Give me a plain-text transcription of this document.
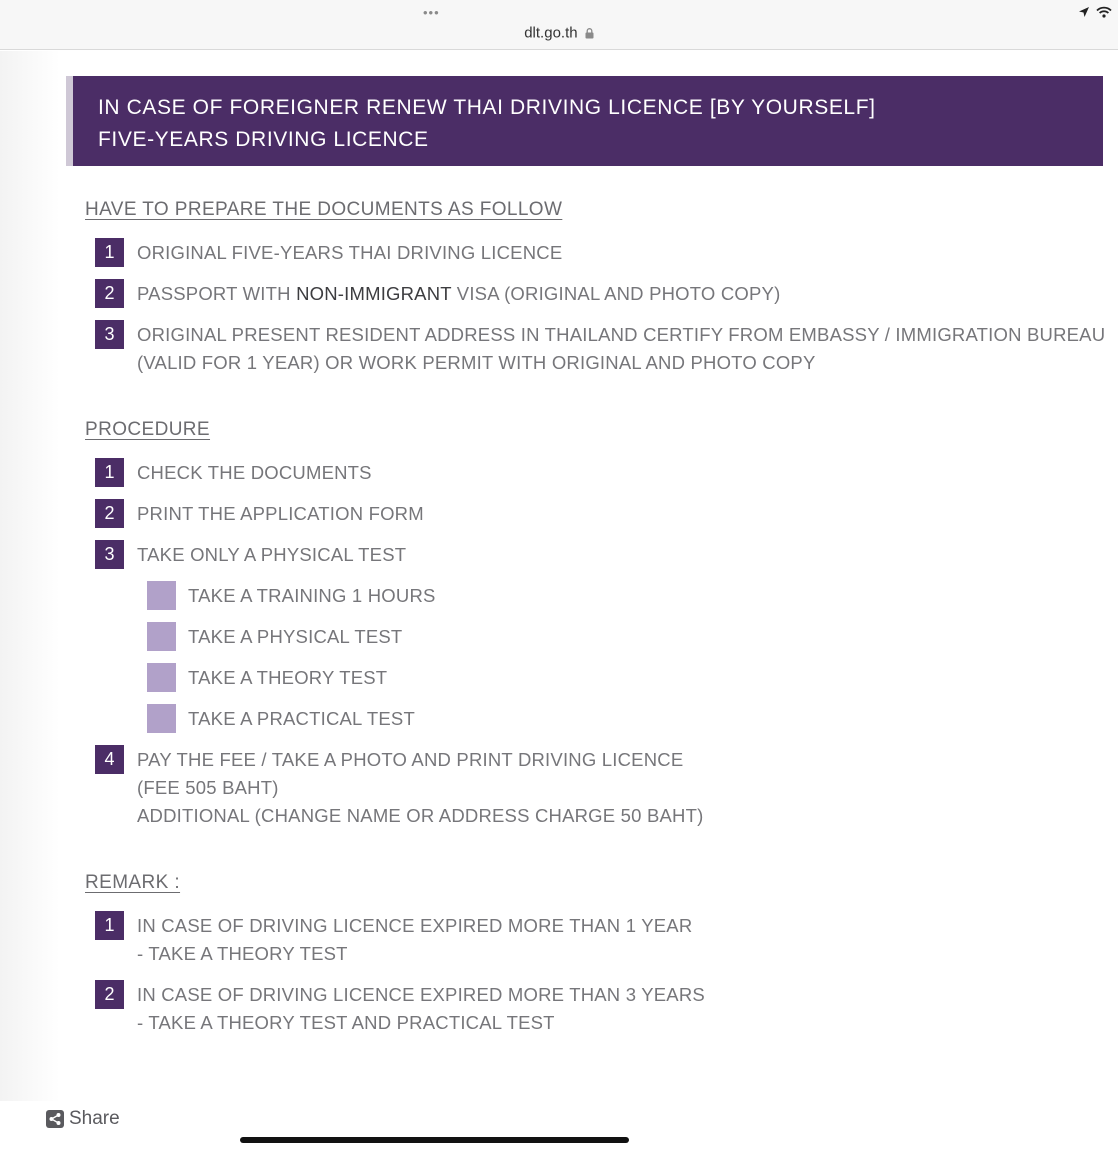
•••
dlt.go.th
IN CASE OF FOREIGNER RENEW THAI DRIVING LICENCE [BY YOURSELF]
FIVE-YEARS DRIVING LICENCE
HAVE TO PREPARE THE DOCUMENTS AS FOLLOW
1	ORIGINAL FIVE-YEARS THAI DRIVING LICENCE
2	PASSPORT WITH NON-IMMIGRANT VISA (ORIGINAL AND PHOTO COPY)
3	ORIGINAL PRESENT RESIDENT ADDRESS IN THAILAND CERTIFY FROM EMBASSY / IMMIGRATION BUREAU
(VALID FOR 1 YEAR) OR WORK PERMIT WITH ORIGINAL AND PHOTO COPY
PROCEDURE
1	CHECK THE DOCUMENTS
2	PRINT THE APPLICATION FORM
3	TAKE ONLY A PHYSICAL TEST
TAKE A TRAINING 1 HOURS
TAKE A PHYSICAL TEST
TAKE A THEORY TEST
TAKE A PRACTICAL TEST
4	PAY THE FEE / TAKE A PHOTO AND PRINT DRIVING LICENCE
(FEE 505 BAHT)
ADDITIONAL (CHANGE NAME OR ADDRESS CHARGE 50 BAHT)
REMARK :
1	IN CASE OF DRIVING LICENCE EXPIRED MORE THAN 1 YEAR
- TAKE A THEORY TEST
2	IN CASE OF DRIVING LICENCE EXPIRED MORE THAN 3 YEARS
- TAKE A THEORY TEST AND PRACTICAL TEST
Share
